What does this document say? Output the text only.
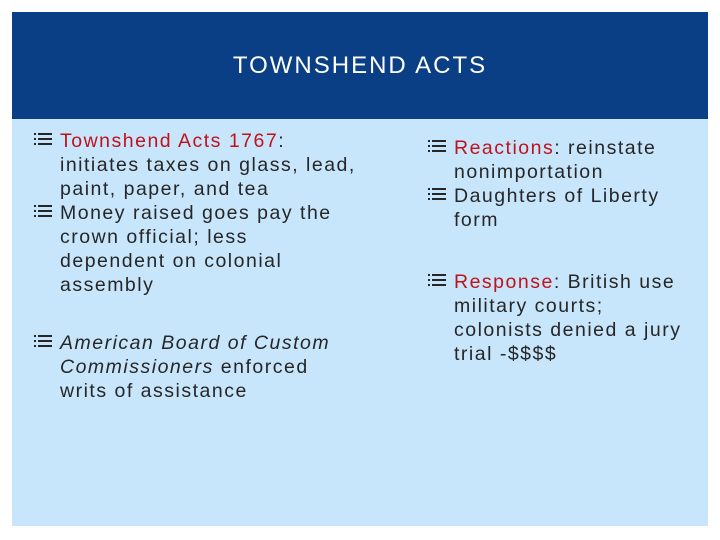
TOWNSHEND ACTS
Townshend Acts 1767: initiates taxes on glass, lead, paint, paper, and tea
Money raised goes pay the crown official; less dependent on colonial assembly
American Board of Custom Commissioners enforced writs of assistance
Reactions: reinstate nonimportation
Daughters of Liberty form
Response: British use military courts; colonists denied a jury trial -$$$$
